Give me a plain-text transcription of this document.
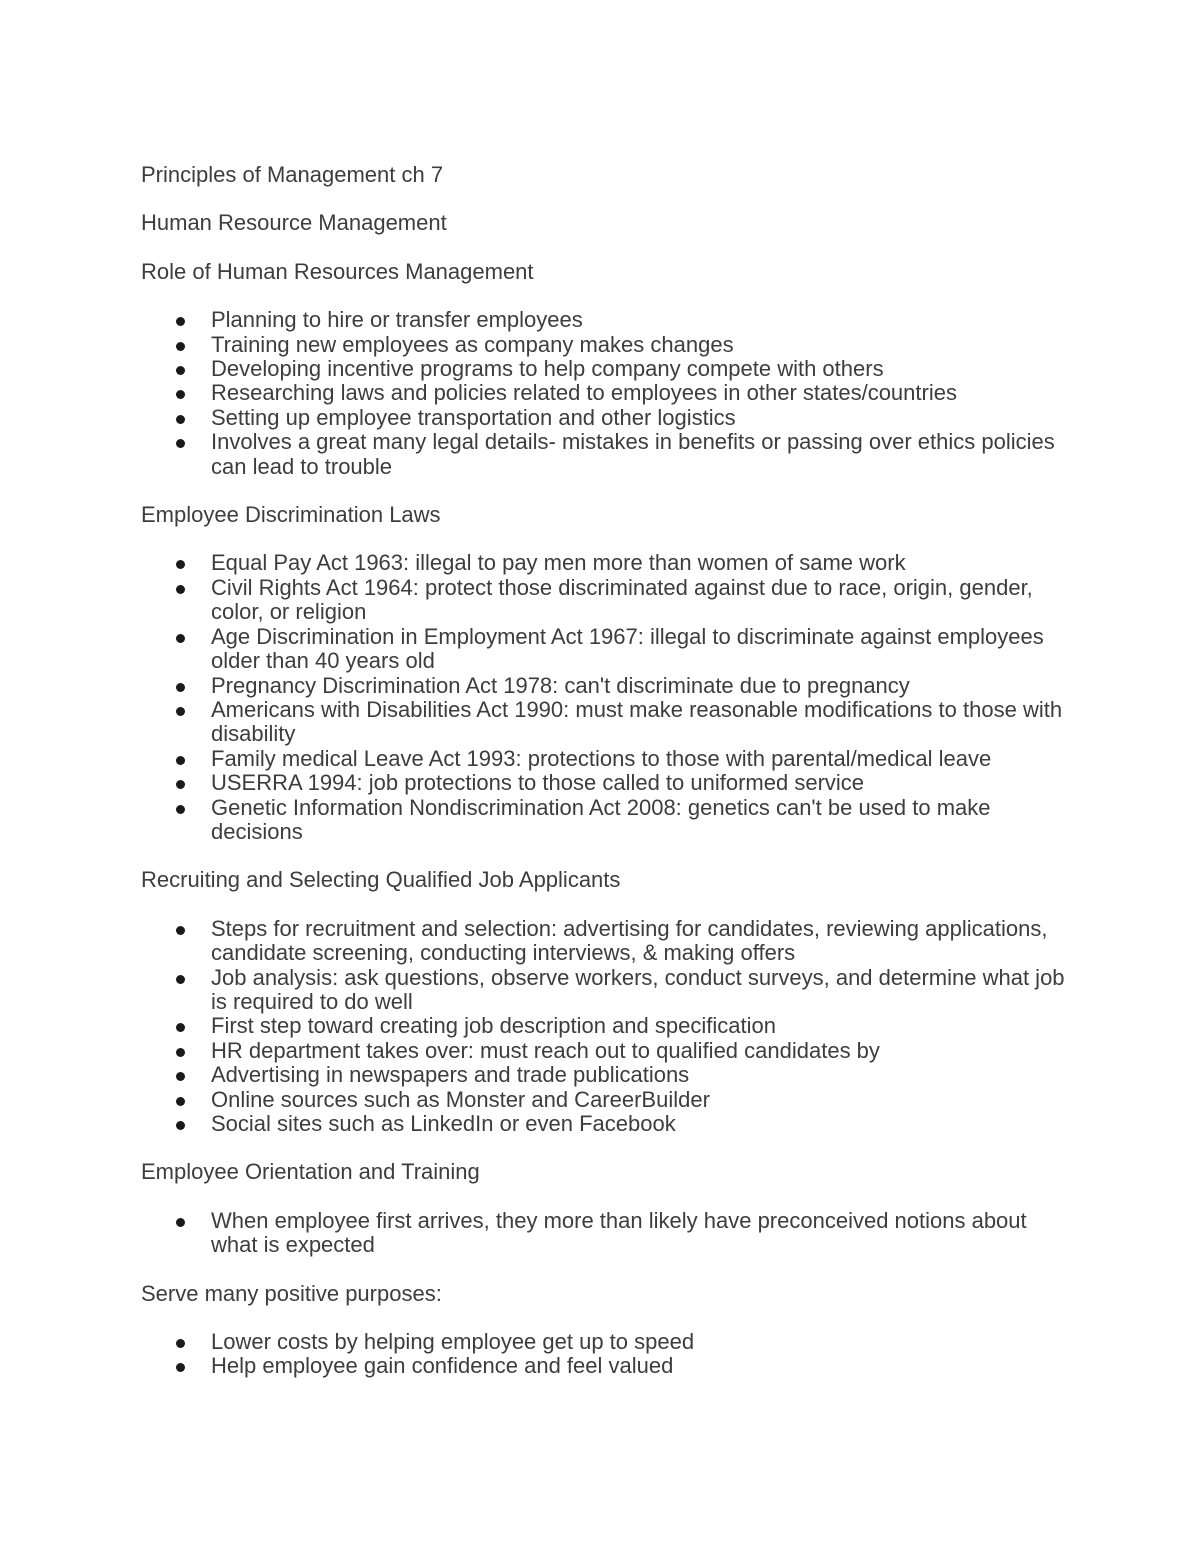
Principles of Management ch 7

Human Resource Management

Role of Human Resources Management

Planning to hire or transfer employees
Training new employees as company makes changes
Developing incentive programs to help company compete with others
Researching laws and policies related to employees in other states/countries
Setting up employee transportation and other logistics
Involves a great many legal details- mistakes in benefits or passing over ethics policies can lead to trouble

Employee Discrimination Laws

Equal Pay Act 1963: illegal to pay men more than women of same work
Civil Rights Act 1964: protect those discriminated against due to race, origin, gender, color, or religion
Age Discrimination in Employment Act 1967: illegal to discriminate against employees older than 40 years old
Pregnancy Discrimination Act 1978: can't discriminate due to pregnancy
Americans with Disabilities Act 1990: must make reasonable modifications to those with disability
Family medical Leave Act 1993: protections to those with parental/medical leave
USERRA 1994: job protections to those called to uniformed service
Genetic Information Nondiscrimination Act 2008: genetics can't be used to make decisions

Recruiting and Selecting Qualified Job Applicants

Steps for recruitment and selection: advertising for candidates, reviewing applications, candidate screening, conducting interviews, & making offers
Job analysis: ask questions, observe workers, conduct surveys, and determine what job is required to do well
First step toward creating job description and specification
HR department takes over: must reach out to qualified candidates by
Advertising in newspapers and trade publications
Online sources such as Monster and CareerBuilder
Social sites such as LinkedIn or even Facebook

Employee Orientation and Training

When employee first arrives, they more than likely have preconceived notions about what is expected

Serve many positive purposes:

Lower costs by helping employee get up to speed
Help employee gain confidence and feel valued
